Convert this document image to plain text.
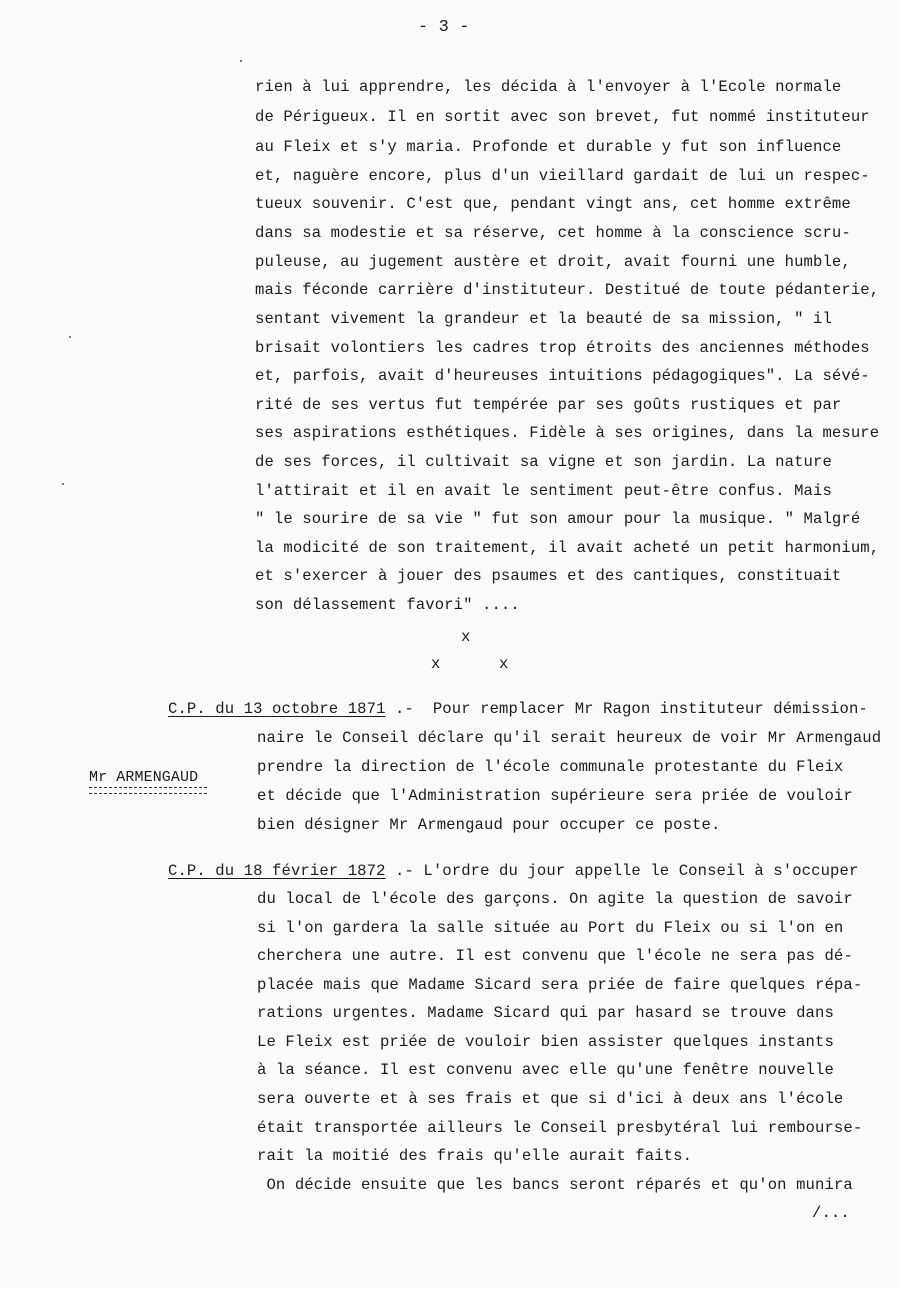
- 3 -
rien à lui apprendre, les décida à l'envoyer à l'Ecole normale
de Périgueux. Il en sortit avec son brevet, fut nommé instituteur
au Fleix et s'y maria. Profonde et durable y fut son influence
et, naguère encore, plus d'un vieillard gardait de lui un respec-
tueux souvenir. C'est que, pendant vingt ans, cet homme extrême
dans sa modestie et sa réserve, cet homme à la conscience scru-
puleuse, au jugement austère et droit, avait fourni une humble,
mais féconde carrière d'instituteur. Destitué de toute pédanterie,
sentant vivement la grandeur et la beauté de sa mission, " il
brisait volontiers les cadres trop étroits des anciennes méthodes
et, parfois, avait d'heureuses intuitions pédagogiques". La sévé-
rité de ses vertus fut tempérée par ses goûts rustiques et par
ses aspirations esthétiques. Fidèle à ses origines, dans la mesure
de ses forces, il cultivait sa vigne et son jardin. La nature
l'attirait et il en avait le sentiment peut-être confus. Mais
" le sourire de sa vie " fut son amour pour la musique. " Malgré
la modicité de son traitement, il avait acheté un petit harmonium,
et s'exercer à jouer des psaumes et des cantiques, constituait
son délassement favori" ....
x
x	x
C.P. du 13 octobre 1871 .-  Pour remplacer Mr Ragon instituteur démission-
naire le Conseil déclare qu'il serait heureux de voir Mr Armengaud
prendre la direction de l'école communale protestante du Fleix
et décide que l'Administration supérieure sera priée de vouloir
bien désigner Mr Armengaud pour occuper ce poste.
Mr ARMENGAUD
C.P. du 18 février 1872 .- L'ordre du jour appelle le Conseil à s'occuper
du local de l'école des garçons. On agite la question de savoir
si l'on gardera la salle située au Port du Fleix ou si l'on en
cherchera une autre. Il est convenu que l'école ne sera pas dé-
placée mais que Madame Sicard sera priée de faire quelques répa-
rations urgentes. Madame Sicard qui par hasard se trouve dans
Le Fleix est priée de vouloir bien assister quelques instants
à la séance. Il est convenu avec elle qu'une fenêtre nouvelle
sera ouverte et à ses frais et que si d'ici à deux ans l'école
était transportée ailleurs le Conseil presbytéral lui rembourse-
rait la moitié des frais qu'elle aurait faits.
On décide ensuite que les bancs seront réparés et qu'on munira
/...
